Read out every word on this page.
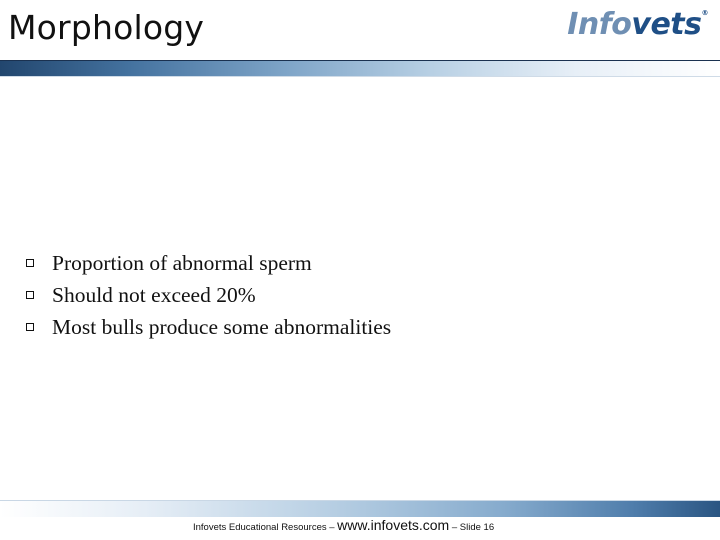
Morphology	Infovets®
Proportion of abnormal sperm
Should not exceed 20%
Most bulls produce some abnormalities
Infovets Educational Resources – www.infovets.com – Slide 16
